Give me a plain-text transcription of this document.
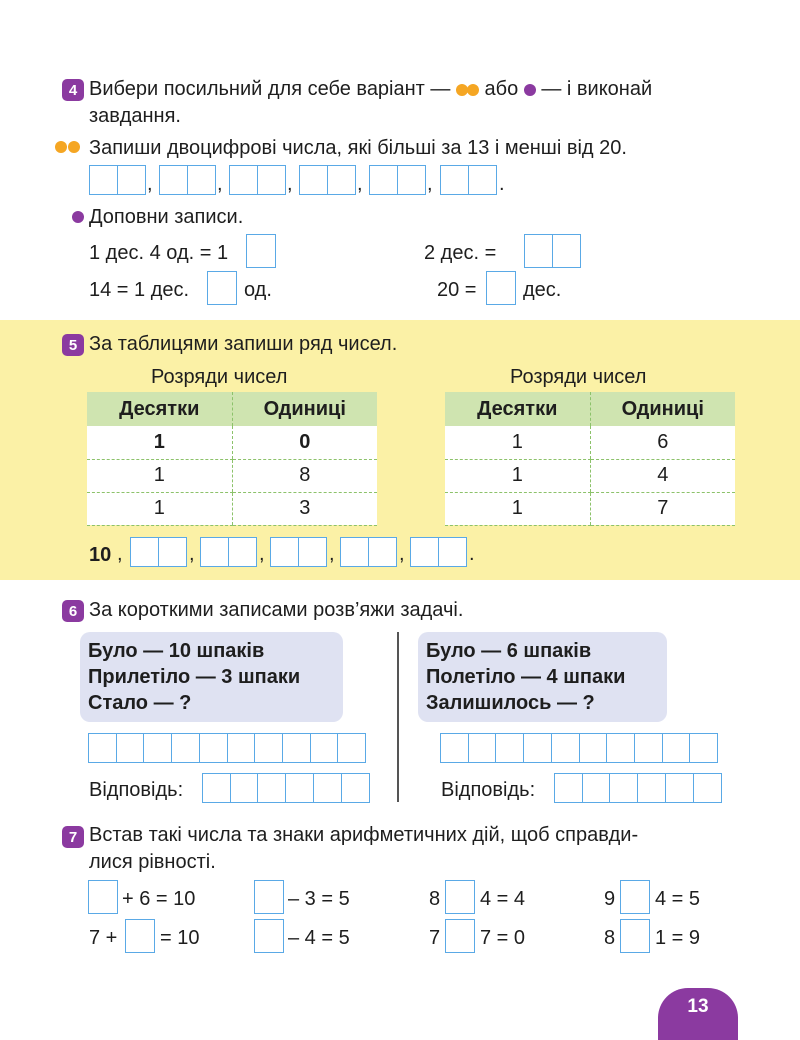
4 Вибери посильний для себе варіант — або — і виконай
завдання.
Запиши двоцифрові числа, які більші за 13 і менші від 20.
,	,	,	,	,	.
Доповни записи.
1 дес. 4 од. = 1	2 дес. =
14 = 1 дес.	од.	20 = дес.
5 За таблицями запиши ряд чисел.
Розряди чисел	Розряди чисел
Десятки	Одиниці
1	0
1	8
1	3
Десятки	Одиниці
1	6
1	4
1	7
10 ,	,	,	,	,	.
6 За короткими записами розв’яжи задачі.
Було — 10 шпаків
Прилетіло — 3 шпаки
Стало — ?
Було — 6 шпаків
Полетіло — 4 шпаки
Залишилось — ?
Відповідь:	Відповідь:
7 Встав такі числа та знаки арифметичних дій, щоб справди-
лися рівності.
+ 6 = 10	– 3 = 5	8 4 = 4	9 4 = 5
7 + = 10	– 4 = 5	7 7 = 0	8 1 = 9
13
